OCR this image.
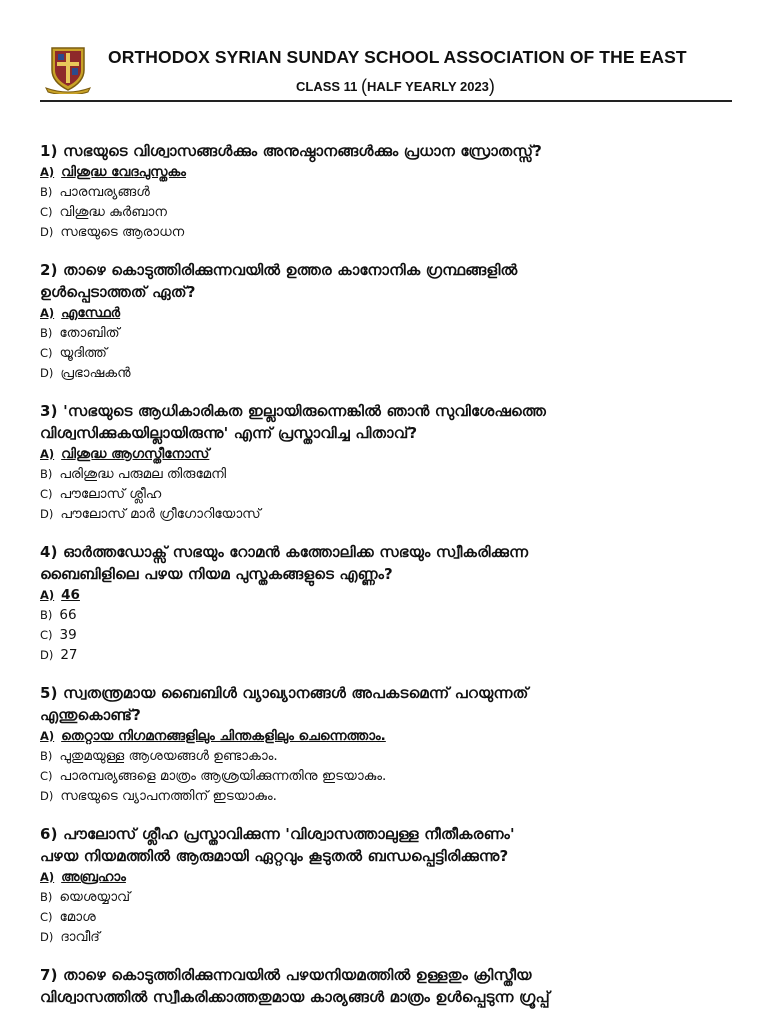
ORTHODOX SYRIAN SUNDAY SCHOOL ASSOCIATION OF THE EAST
CLASS 11 (HALF YEARLY 2023)
1) സഭയുടെ വിശ്വാസങ്ങൾക്കും അനുഷ്ഠാനങ്ങൾക്കും പ്രധാന സ്രോതസ്സ്?
A) വിശുദ്ധ വേദപുസ്തകം
B) പാരമ്പര്യങ്ങൾ
C) വിശുദ്ധ കുർബാന
D) സഭയുടെ ആരാധന
2) താഴെ കൊടുത്തിരിക്കുന്നവയിൽ ഉത്തര കാനോനിക ഗ്രന്ഥങ്ങളിൽ
ഉൾപ്പെടാത്തത് ഏത്?
A) എസ്ഥേർ
B) തോബിത്
C) യൂദിത്ത്
D) പ്രഭാഷകൻ
3) 'സഭയുടെ ആധികാരികത ഇല്ലായിരുന്നെങ്കിൽ ഞാൻ സുവിശേഷത്തെ
വിശ്വസിക്കുകയില്ലായിരുന്നു' എന്ന് പ്രസ്താവിച്ച പിതാവ്?
A) വിശുദ്ധ ആഗസ്തീനോസ്
B) പരിശുദ്ധ പരുമല തിരുമേനി
C) പൗലോസ് ശ്ലീഹ
D) പൗലോസ് മാർ ഗ്രീഗോറിയോസ്
4) ഓർത്തഡോക്സ് സഭയും റോമൻ കത്തോലിക്ക സഭയും സ്വീകരിക്കുന്ന
ബൈബിളിലെ പഴയ നിയമ പുസ്തകങ്ങളുടെ എണ്ണം?
A) 46
B) 66
C) 39
D) 27
5) സ്വതന്ത്രമായ ബൈബിൾ വ്യാഖ്യാനങ്ങൾ അപകടമെന്ന് പറയുന്നത്
എന്തുകൊണ്ട്?
A) തെറ്റായ നിഗമനങ്ങളിലും ചിന്തകളിലും ചെന്നെത്താം.
B) പുതുമയുള്ള ആശയങ്ങൾ ഉണ്ടാകാം.
C) പാരമ്പര്യങ്ങളെ മാത്രം ആശ്രയിക്കുന്നതിനു ഇടയാകും.
D) സഭയുടെ വ്യാപനത്തിന് ഇടയാകും.
6) പൗലോസ് ശ്ലീഹ പ്രസ്താവിക്കുന്ന 'വിശ്വാസത്താലുള്ള നീതീകരണം'
പഴയ നിയമത്തിൽ ആരുമായി ഏറ്റവും കൂടുതൽ ബന്ധപ്പെട്ടിരിക്കുന്നു?
A) അബ്രഹാം
B) യെശയ്യാവ്
C) മോശ
D) ദാവീദ്
7) താഴെ കൊടുത്തിരിക്കുന്നവയിൽ പഴയനിയമത്തിൽ ഉള്ളതും ക്രിസ്തീയ
വിശ്വാസത്തിൽ സ്വീകരിക്കാത്തതുമായ കാര്യങ്ങൾ മാത്രം ഉൾപ്പെടുന്ന ഗ്രൂപ്പ്
